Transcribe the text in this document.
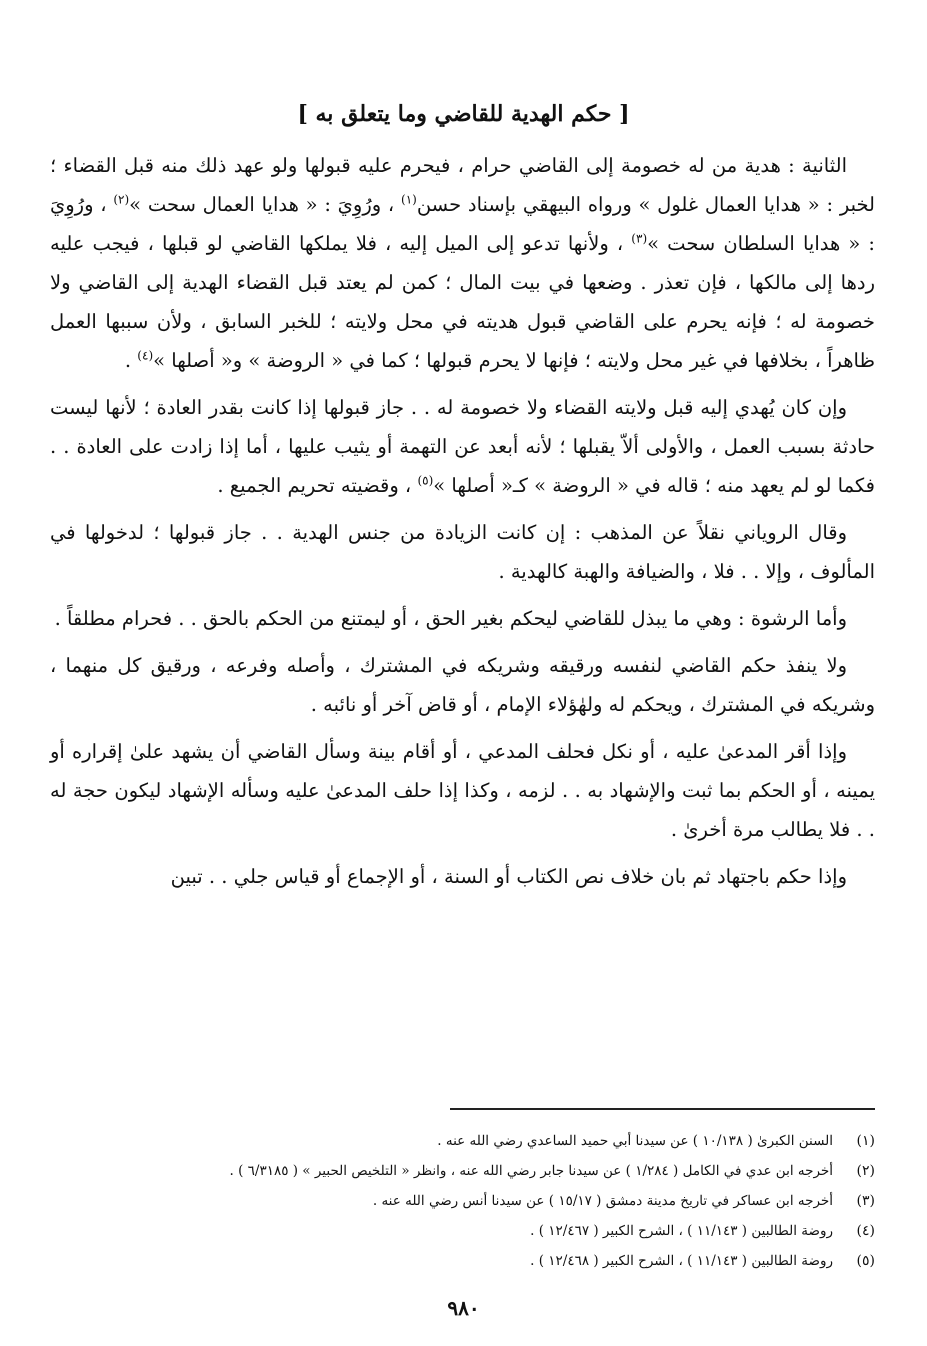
[ حكم الهدية للقاضي وما يتعلق به ]

الثانية : هدية من له خصومة إلى القاضي حرام ، فيحرم عليه قبولها ولو عهد ذلك منه قبل القضاء ؛ لخبر : « هدايا العمال غلول » ورواه البيهقي بإسناد حسن$^{(١)}$ ، ورُوِيَ : « هدايا العمال سحت »$^{(٢)}$ ، ورُوِيَ : « هدايا السلطان سحت »$^{(٣)}$ ، ولأنها تدعو إلى الميل إليه ، فلا يملكها القاضي لو قبلها ، فيجب عليه ردها إلى مالكها ، فإن تعذر . وضعها في بيت المال ؛ كمن لم يعتد قبل القضاء الهدية إلى القاضي ولا خصومة له ؛ فإنه يحرم على القاضي قبول هديته في محل ولايته ؛ للخبر السابق ، ولأن سببها العمل ظاهراً ، بخلافها في غير محل ولايته ؛ فإنها لا يحرم قبولها ؛ كما في « الروضة » و« أصلها »$^{(٤)}$ .

وإن كان يُهدي إليه قبل ولايته القضاء ولا خصومة له . . جاز قبولها إذا كانت بقدر العادة ؛ لأنها ليست حادثة بسبب العمل ، والأولى ألاّ يقبلها ؛ لأنه أبعد عن التهمة أو يثيب عليها ، أما إذا زادت على العادة . . فكما لو لم يعهد منه ؛ قاله في « الروضة » كـ« أصلها »$^{(٥)}$ ، وقضيته تحريم الجميع .

وقال الروياني نقلاً عن المذهب : إن كانت الزيادة من جنس الهدية . . جاز قبولها ؛ لدخولها في المألوف ، وإلا . . فلا ، والضيافة والهبة كالهدية .

وأما الرشوة : وهي ما يبذل للقاضي ليحكم بغير الحق ، أو ليمتنع من الحكم بالحق . . فحرام مطلقاً .

ولا ينفذ حكم القاضي لنفسه ورقيقه وشريكه في المشترك ، وأصله وفرعه ، ورقيق كل منهما ، وشريكه في المشترك ، ويحكم له ولهٰؤلاء الإمام ، أو قاض آخر أو نائبه .

وإذا أقر المدعىٰ عليه ، أو نكل فحلف المدعي ، أو أقام بينة وسأل القاضي أن يشهد علىٰ إقراره أو يمينه ، أو الحكم بما ثبت والإشهاد به . . لزمه ، وكذا إذا حلف المدعىٰ عليه وسأله الإشهاد ليكون حجة له . . فلا يطالب مرة أخرىٰ .

وإذا حكم باجتهاد ثم بان خلاف نص الكتاب أو السنة ، أو الإجماع أو قياس جلي . . تبين

(١)
السنن الكبرىٰ ( ١٠/١٣٨ ) عن سيدنا أبي حميد الساعدي رضي الله عنه .
(٢)
أخرجه ابن عدي في الكامل ( ١/٢٨٤ ) عن سيدنا جابر رضي الله عنه ، وانظر « التلخيص الحبير » ( ٦/٣١٨٥ ) .
(٣)
أخرجه ابن عساكر في تاريخ مدينة دمشق ( ١٥/١٧ ) عن سيدنا أنس رضي الله عنه .
(٤)
روضة الطالبين ( ١١/١٤٣ ) ، الشرح الكبير ( ١٢/٤٦٧ ) .
(٥)
روضة الطالبين ( ١١/١٤٣ ) ، الشرح الكبير ( ١٢/٤٦٨ ) .
٩٨٠
